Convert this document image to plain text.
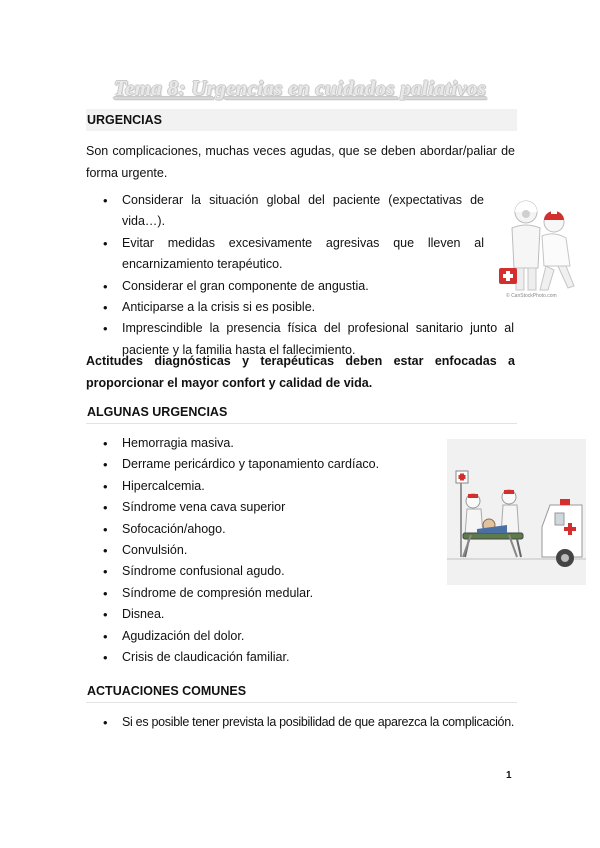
Tema 8: Urgencias en cuidados paliativos
URGENCIAS
Son complicaciones, muchas veces agudas, que se deben abordar/paliar de forma urgente.
• Considerar la situación global del paciente (expectativas de vida…).
• Evitar medidas excesivamente agresivas que lleven al encarnizamiento terapéutico.
• Considerar el gran componente de angustia.
• Anticiparse a la crisis si es posible.
• Imprescindible la presencia física del profesional sanitario junto al paciente y la familia hasta el fallecimiento.
© CanStockPhoto.com
Actitudes diagnósticas y terapéuticas deben estar enfocadas a proporcionar el mayor confort y calidad de vida.
ALGUNAS URGENCIAS
• Hemorragia masiva.
• Derrame pericárdico y taponamiento cardíaco.
• Hipercalcemia.
• Síndrome vena cava superior
• Sofocación/ahogo.
• Convulsión.
• Síndrome confusional agudo.
• Síndrome de compresión medular.
• Disnea.
• Agudización del dolor.
• Crisis de claudicación familiar.
ACTUACIONES COMUNES
• Si es posible tener prevista la posibilidad de que aparezca la complicación.
1
